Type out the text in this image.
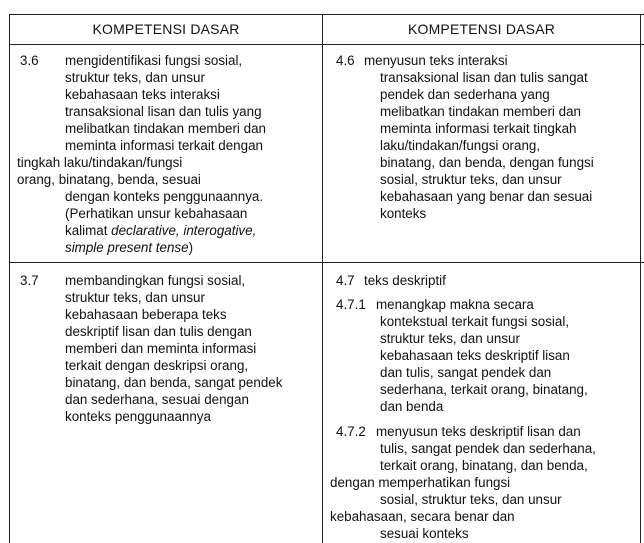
KOMPETENSI DASAR	KOMPETENSI DASAR
3.6 mengidentifikasi fungsi sosial,
struktur teks, dan unsur
kebahasaan teks interaksi
transaksional lisan dan tulis yang
melibatkan tindakan memberi dan
meminta informasi terkait dengan
tingkah laku/tindakan/fungsi
orang, binatang, benda, sesuai
dengan konteks penggunaannya.
(Perhatikan unsur kebahasaan
kalimat declarative, interogative,
simple present tense)
4.6 menyusun teks interaksi
transaksional lisan dan tulis sangat
pendek dan sederhana yang
melibatkan tindakan memberi dan
meminta informasi terkait tingkah
laku/tindakan/fungsi orang,
binatang, dan benda, dengan fungsi
sosial, struktur teks, dan unsur
kebahasaan yang benar dan sesuai
konteks
3.7 membandingkan fungsi sosial,
struktur teks, dan unsur
kebahasaan beberapa teks
deskriptif lisan dan tulis dengan
memberi dan meminta informasi
terkait dengan deskripsi orang,
binatang, dan benda, sangat pendek
dan sederhana, sesuai dengan
konteks penggunaannya
4.7 teks deskriptif
4.7.1 menangkap makna secara
kontekstual terkait fungsi sosial,
struktur teks, dan unsur
kebahasaan teks deskriptif lisan
dan tulis, sangat pendek dan
sederhana, terkait orang, binatang,
dan benda
4.7.2 menyusun teks deskriptif lisan dan
tulis, sangat pendek dan sederhana,
terkait orang, binatang, dan benda,
dengan memperhatikan fungsi
sosial, struktur teks, dan unsur
kebahasaan, secara benar dan
sesuai konteks
